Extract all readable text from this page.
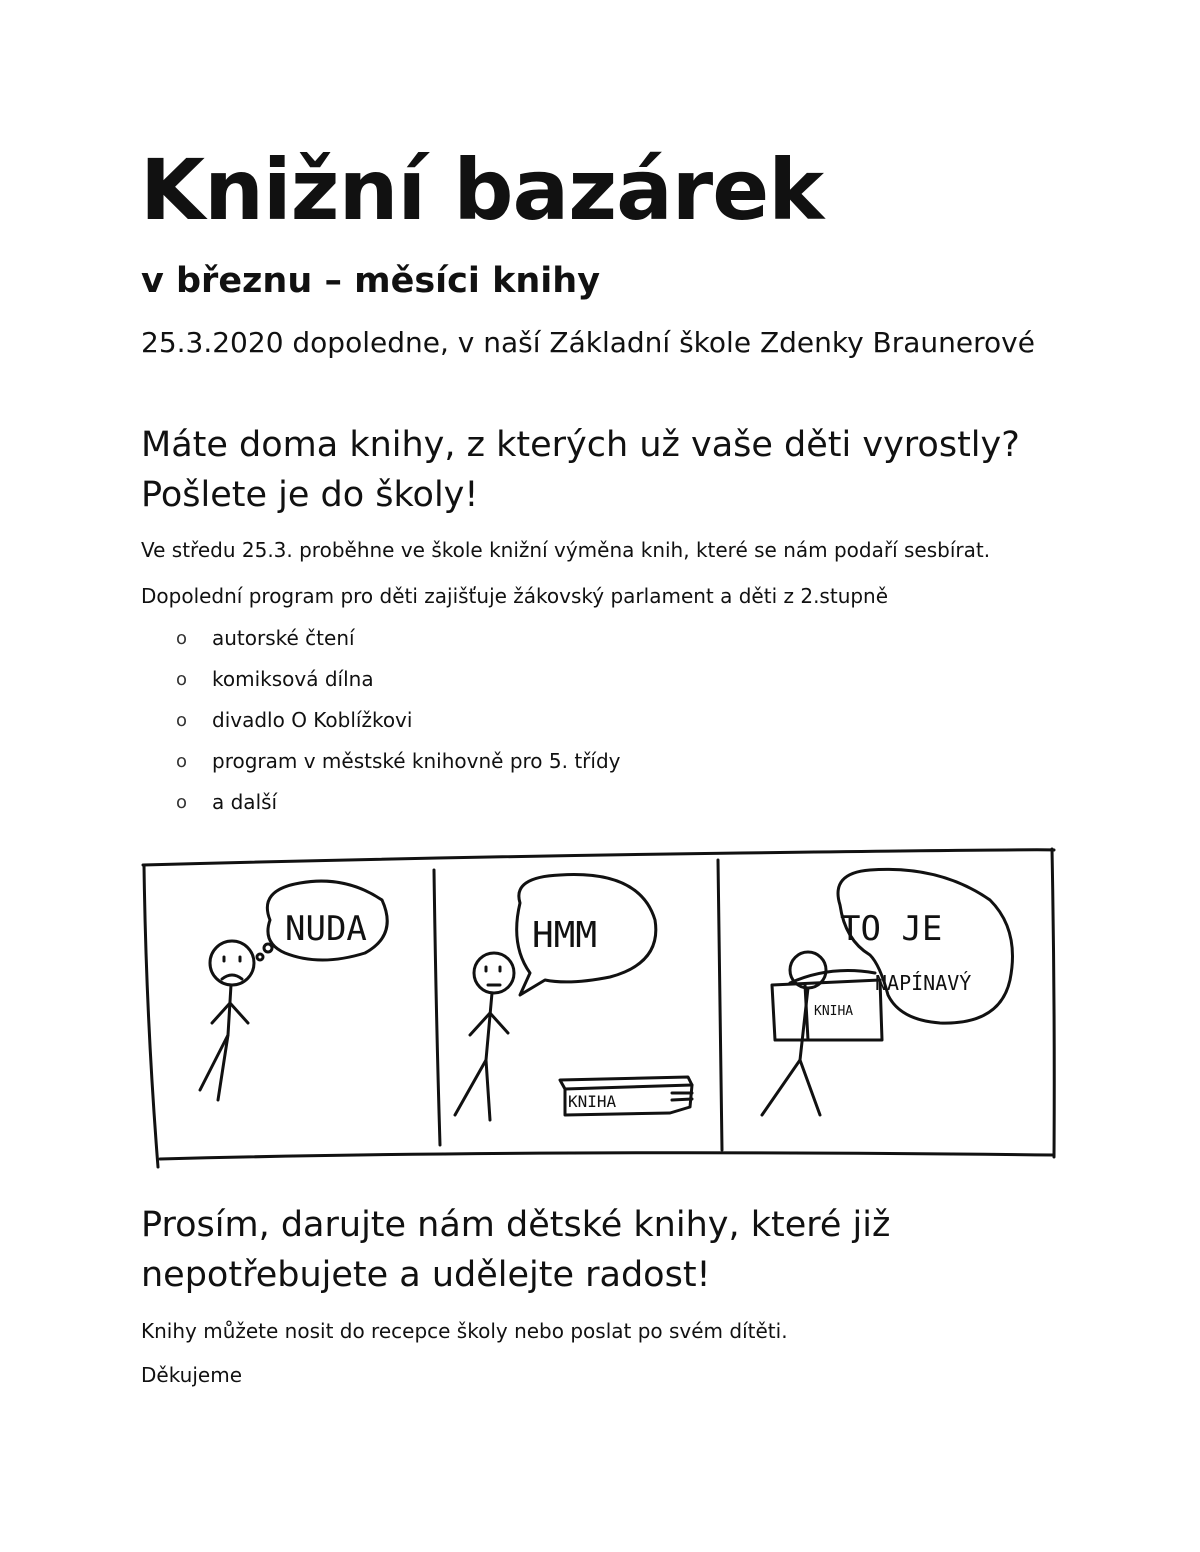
Knižní bazárek
v březnu – měsíci knihy

25.3.2020 dopoledne, v naší Základní škole Zdenky Braunerové

Máte doma knihy, z kterých už vaše děti vyrostly?
Pošlete je do školy!

Ve středu 25.3. proběhne ve škole knižní výměna knih, které se nám podaří sesbírat.

Dopolední program pro děti zajišťuje žákovský parlament a děti z 2.stupně

o	autorské čtení
o	komiksová dílna
o	divadlo O Koblížkovi
o	program v městské knihovně pro 5. třídy
o	a další
NUDA	HMM
KNIHA
TO JE
NAPÍNAVÝ
KNIHA
Prosím, darujte nám dětské knihy, které již
nepotřebujete a udělejte radost!

Knihy můžete nosit do recepce školy nebo poslat po svém dítěti.

Děkujeme
